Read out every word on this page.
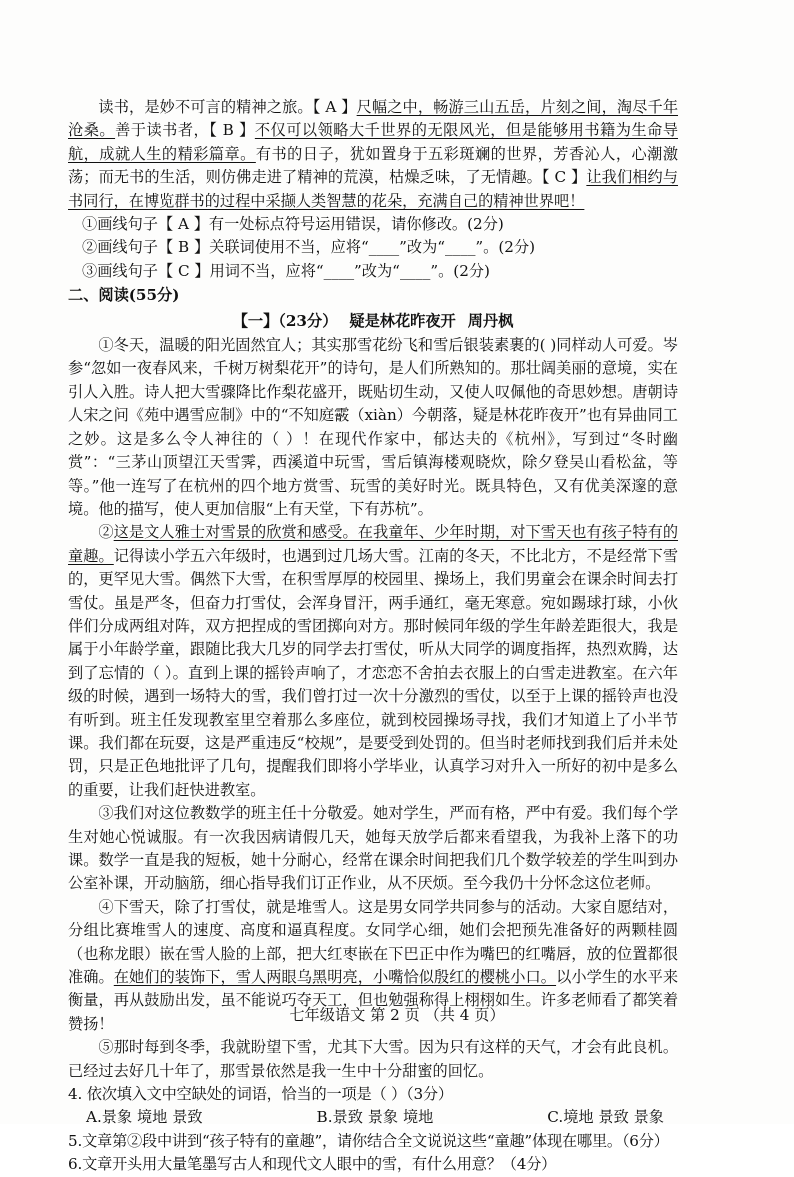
读书，是妙不可言的精神之旅。【 A 】尺幅之中，畅游三山五岳，片刻之间，淘尽千年沧桑。善于读书者，【 B 】不仅可以领略大千世界的无限风光，但是能够用书籍为生命导航，成就人生的精彩篇章。有书的日子，犹如置身于五彩斑斓的世界，芳香沁人，心潮激荡；而无书的生活，则仿佛走进了精神的荒漠，枯燥乏味，了无情趣。【 C 】让我们相约与书同行，在博览群书的过程中采撷人类智慧的花朵，充满自己的精神世界吧！

①画线句子【 A 】有一处标点符号运用错误，请你修改。(2分)

②画线句子【 B 】关联词使用不当，应将“____”改为“____”。(2分)

③画线句子【 C 】用词不当，应将“____”改为“____”。(2分)

二、阅读(55分)

【一】（23分） 疑是林花昨夜开 周丹枫

①冬天，温暖的阳光固然宜人；其实那雪花纷飞和雪后银装素裹的( )同样动人可爱。岑参“忽如一夜春风来，千树万树梨花开”的诗句，是人们所熟知的。那壮阔美丽的意境，实在引人入胜。诗人把大雪骤降比作梨花盛开，既贴切生动，又使人叹佩他的奇思妙想。唐朝诗人宋之问《苑中遇雪应制》中的“不知庭霰（xiàn）今朝落，疑是林花昨夜开”也有异曲同工之妙。这是多么令人神往的（ ）！在现代作家中，郁达夫的《杭州》，写到过“冬时幽赏”：“三茅山顶望江天雪霁，西溪道中玩雪，雪后镇海楼观晓炊，除夕登吴山看松盆，等等。”他一连写了在杭州的四个地方赏雪、玩雪的美好时光。既具特色，又有优美深邃的意境。他的描写，使人更加信服“上有天堂，下有苏杭”。

②这是文人雅士对雪景的欣赏和感受。在我童年、少年时期，对下雪天也有孩子特有的童趣。记得读小学五六年级时，也遇到过几场大雪。江南的冬天，不比北方，不是经常下雪的，更罕见大雪。偶然下大雪，在积雪厚厚的校园里、操场上，我们男童会在课余时间去打雪仗。虽是严冬，但奋力打雪仗，会浑身冒汗，两手通红，毫无寒意。宛如踢球打球，小伙伴们分成两组对阵，双方把捏成的雪团掷向对方。那时候同年级的学生年龄差距很大，我是属于小年龄学童，跟随比我大几岁的同学去打雪仗，听从大同学的调度指挥，热烈欢腾，达到了忘情的（ ）。直到上课的摇铃声响了，才恋恋不舍拍去衣服上的白雪走进教室。在六年级的时候，遇到一场特大的雪，我们曾打过一次十分激烈的雪仗，以至于上课的摇铃声也没有听到。班主任发现教室里空着那么多座位，就到校园操场寻找，我们才知道上了小半节课。我们都在玩耍，这是严重违反“校规”，是要受到处罚的。但当时老师找到我们后并未处罚，只是正色地批评了几句，提醒我们即将小学毕业，认真学习对升入一所好的初中是多么的重要，让我们赶快进教室。

③我们对这位教数学的班主任十分敬爱。她对学生，严而有格，严中有爱。我们每个学生对她心悦诚服。有一次我因病请假几天，她每天放学后都来看望我，为我补上落下的功课。数学一直是我的短板，她十分耐心，经常在课余时间把我们几个数学较差的学生叫到办公室补课，开动脑筋，细心指导我们订正作业，从不厌烦。至今我仍十分怀念这位老师。

④下雪天，除了打雪仗，就是堆雪人。这是男女同学共同参与的活动。大家自愿结对，分组比赛堆雪人的速度、高度和逼真程度。女同学心细，她们会把预先准备好的两颗桂圆（也称龙眼）嵌在雪人脸的上部，把大红枣嵌在下巴正中作为嘴巴的红嘴唇，放的位置都很准确。在她们的装饰下，雪人两眼乌黑明亮，小嘴恰似殷红的樱桃小口。以小学生的水平来衡量，再从鼓励出发，虽不能说巧夺天工，但也勉强称得上栩栩如生。许多老师看了都笑着赞扬！

⑤那时每到冬季，我就盼望下雪，尤其下大雪。因为只有这样的天气，才会有此良机。已经过去好几十年了，那雪景依然是我一生中十分甜蜜的回忆。

4. 依次填入文中空缺处的词语，恰当的一项是（ ）（3分）

A.景象 境地 景致	B.景致 景象 境地	C.境地 景致 景象

5.文章第②段中讲到“孩子特有的童趣”，请你结合全文说说这些“童趣”体现在哪里。（6分）

6.文章开头用大量笔墨写古人和现代文人眼中的雪，有什么用意？（4分）

七年级语文 第 2 页 （共 4 页）
